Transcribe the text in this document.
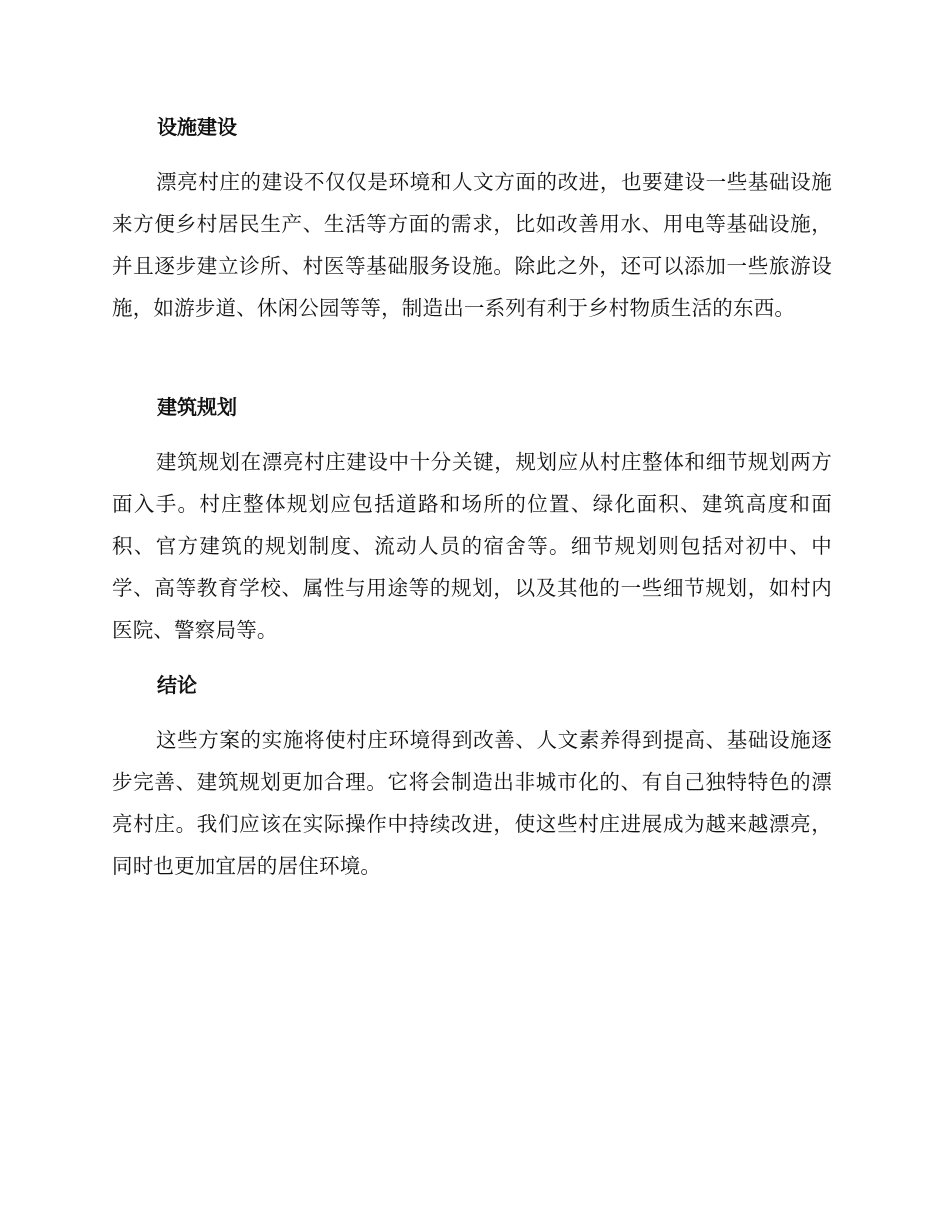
设施建设
漂亮村庄的建设不仅仅是环境和人文方面的改进，也要建设一些基础设施来方便乡村居民生产、生活等方面的需求，比如改善用水、用电等基础设施，并且逐步建立诊所、村医等基础服务设施。除此之外，还可以添加一些旅游设施，如游步道、休闲公园等等，制造出一系列有利于乡村物质生活的东西。
建筑规划
建筑规划在漂亮村庄建设中十分关键，规划应从村庄整体和细节规划两方面入手。村庄整体规划应包括道路和场所的位置、绿化面积、建筑高度和面积、官方建筑的规划制度、流动人员的宿舍等。细节规划则包括对初中、中学、高等教育学校、属性与用途等的规划，以及其他的一些细节规划，如村内医院、警察局等。
结论
这些方案的实施将使村庄环境得到改善、人文素养得到提高、基础设施逐步完善、建筑规划更加合理。它将会制造出非城市化的、有自己独特特色的漂亮村庄。我们应该在实际操作中持续改进，使这些村庄进展成为越来越漂亮，同时也更加宜居的居住环境。
